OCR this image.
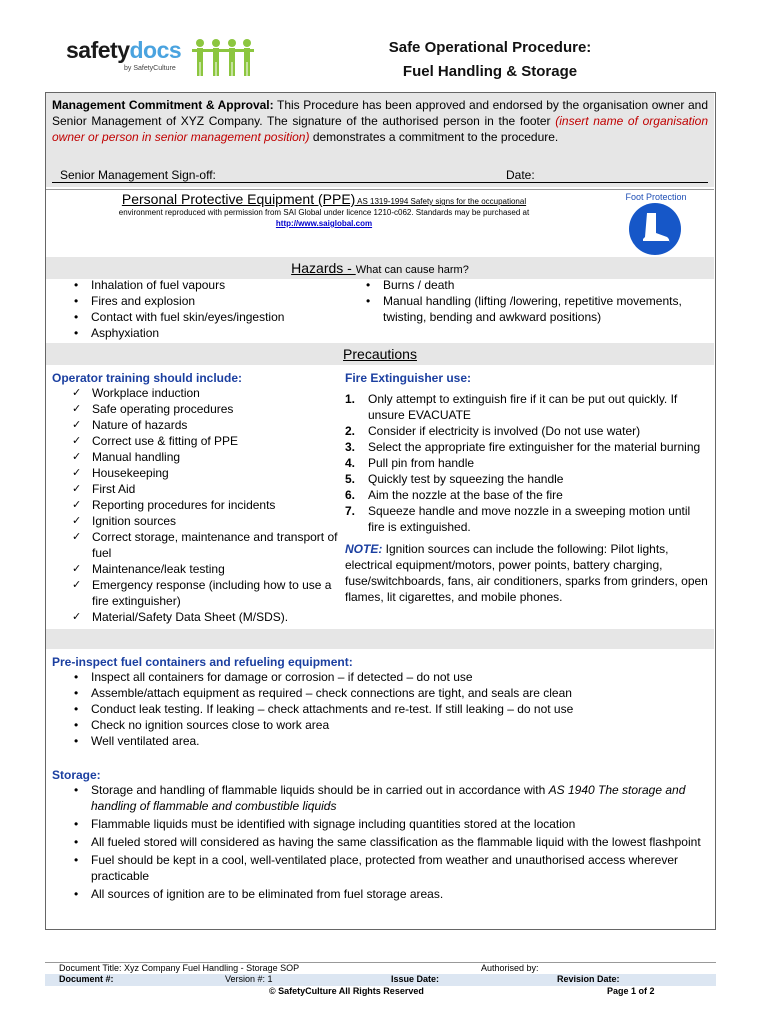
safetydocs
by SafetyCulture
Safe Operational Procedure:
Fuel Handling & Storage

Management Commitment & Approval: This Procedure has been approved and endorsed by the organisation owner and Senior Management of XYZ Company. The signature of the authorised person in the footer (insert name of organisation owner or person in senior management position) demonstrates a commitment to the procedure.

Senior Management Sign-off:	Date:
Personal Protective Equipment (PPE) AS 1319-1994 Safety signs for the occupational
environment reproduced with permission from SAI Global under licence 1210-c062. Standards may be purchased at
http://www.saiglobal.com
Foot Protection
Hazards - What can cause harm?
• Inhalation of fuel vapours
• Fires and explosion
• Contact with fuel skin/eyes/ingestion
• Asphyxiation
• Burns / death
• Manual handling (lifting /lowering, repetitive movements, twisting, bending and awkward positions)
Precautions
Operator training should include:
✓ Workplace induction
✓ Safe operating procedures
✓ Nature of hazards
✓ Correct use & fitting of PPE
✓ Manual handling
✓ Housekeeping
✓ First Aid
✓ Reporting procedures for incidents
✓ Ignition sources
✓ Correct storage, maintenance and transport of fuel
✓ Maintenance/leak testing
✓ Emergency response (including how to use a fire extinguisher)
✓ Material/Safety Data Sheet (M/SDS).
Fire Extinguisher use:
1. Only attempt to extinguish fire if it can be put out quickly. If unsure EVACUATE
2. Consider if electricity is involved (Do not use water)
3. Select the appropriate fire extinguisher for the material burning
4. Pull pin from handle
5. Quickly test by squeezing the handle
6. Aim the nozzle at the base of the fire
7. Squeeze handle and move nozzle in a sweeping motion until fire is extinguished.

NOTE: Ignition sources can include the following: Pilot lights, electrical equipment/motors, power points, battery charging, fuse/switchboards, fans, air conditioners, sparks from grinders, open flames, lit cigarettes, and mobile phones.

Pre-inspect fuel containers and refueling equipment:
• Inspect all containers for damage or corrosion – if detected – do not use
• Assemble/attach equipment as required – check connections are tight, and seals are clean
• Conduct leak testing. If leaking – check attachments and re-test. If still leaking – do not use
• Check no ignition sources close to work area
• Well ventilated area.
Storage:
• Storage and handling of flammable liquids should be in carried out in accordance with AS 1940 The storage and handling of flammable and combustible liquids
• Flammable liquids must be identified with signage including quantities stored at the location
• All fueled stored will considered as having the same classification as the flammable liquid with the lowest flashpoint
• Fuel should be kept in a cool, well-ventilated place, protected from weather and unauthorised access wherever practicable
• All sources of ignition are to be eliminated from fuel storage areas.
Document Title: Xyz Company Fuel Handling - Storage SOP	Authorised by:
Document #:	Version #: 1	Issue Date:	Revision Date:
© SafetyCulture All Rights Reserved	Page 1 of 2
